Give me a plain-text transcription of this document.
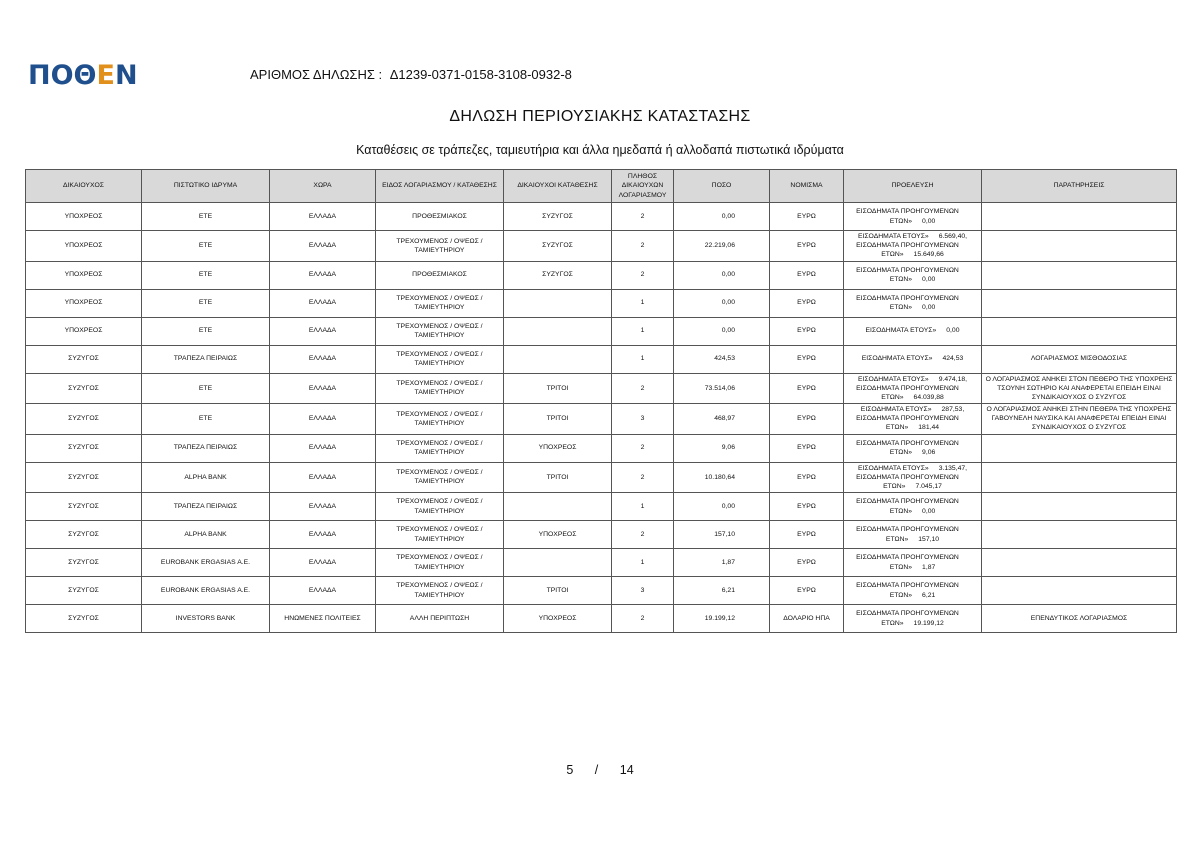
ΠΟΘΕΝ	ΑΡΙΘΜΟΣ ΔΗΛΩΣΗΣ : Δ1239-0371-0158-3108-0932-8
ΔΗΛΩΣΗ ΠΕΡΙΟΥΣΙΑΚΗΣ ΚΑΤΑΣΤΑΣΗΣ
Καταθέσεις σε τράπεζες, ταμιευτήρια και άλλα ημεδαπά ή αλλοδαπά πιστωτικά ιδρύματα
ΔΙΚΑΙΟΥΧΟΣ	ΠΙΣΤΩΤΙΚΟ ΙΔΡΥΜΑ	ΧΩΡΑ	ΕΙΔΟΣ ΛΟΓΑΡΙΑΣΜΟΥ / ΚΑΤΑΘΕΣΗΣ	ΔΙΚΑΙΟΥΧΟΙ ΚΑΤΑΘΕΣΗΣ	ΠΛΗΘΟΣ ΔΙΚΑΙΟΥΧΩΝ ΛΟΓΑΡΙΑΣΜΟΥ	ΠΟΣΟ	ΝΟΜΙΣΜΑ	ΠΡΟΕΛΕΥΣΗ	ΠΑΡΑΤΗΡΗΣΕΙΣ
ΥΠΟΧΡΕΟΣ	ΕΤΕ	ΕΛΛΑΔΑ	ΠΡΟΘΕΣΜΙΑΚΟΣ	ΣΥΖΥΓΟΣ	2	0,00	ΕΥΡΩ	ΕΙΣΟΔΗΜΑΤΑ ΠΡΟΗΓΟΥΜΕΝΩΝ
ΕΤΩΝ» 0,00	

ΥΠΟΧΡΕΟΣ	ΕΤΕ	ΕΛΛΑΔΑ	ΤΡΕΧΟΥΜΕΝΟΣ / ΟΨΕΩΣ / ΤΑΜΙΕΥΤΗΡΙΟΥ	ΣΥΖΥΓΟΣ	2	22.219,06	ΕΥΡΩ	ΕΙΣΟΔΗΜΑΤΑ ΕΤΟΥΣ» 6.569,40,
ΕΙΣΟΔΗΜΑΤΑ ΠΡΟΗΓΟΥΜΕΝΩΝ
ΕΤΩΝ» 15.649,66	

ΥΠΟΧΡΕΟΣ	ΕΤΕ	ΕΛΛΑΔΑ	ΠΡΟΘΕΣΜΙΑΚΟΣ	ΣΥΖΥΓΟΣ	2	0,00	ΕΥΡΩ	ΕΙΣΟΔΗΜΑΤΑ ΠΡΟΗΓΟΥΜΕΝΩΝ
ΕΤΩΝ» 0,00	

ΥΠΟΧΡΕΟΣ	ΕΤΕ	ΕΛΛΑΔΑ	ΤΡΕΧΟΥΜΕΝΟΣ / ΟΨΕΩΣ / ΤΑΜΙΕΥΤΗΡΙΟΥ		1	0,00	ΕΥΡΩ	ΕΙΣΟΔΗΜΑΤΑ ΠΡΟΗΓΟΥΜΕΝΩΝ
ΕΤΩΝ» 0,00	

ΥΠΟΧΡΕΟΣ	ΕΤΕ	ΕΛΛΑΔΑ	ΤΡΕΧΟΥΜΕΝΟΣ / ΟΨΕΩΣ / ΤΑΜΙΕΥΤΗΡΙΟΥ		1	0,00	ΕΥΡΩ	ΕΙΣΟΔΗΜΑΤΑ ΕΤΟΥΣ» 0,00	

ΣΥΖΥΓΟΣ	ΤΡΑΠΕΖΑ ΠΕΙΡΑΙΩΣ	ΕΛΛΑΔΑ	ΤΡΕΧΟΥΜΕΝΟΣ / ΟΨΕΩΣ / ΤΑΜΙΕΥΤΗΡΙΟΥ		1	424,53	ΕΥΡΩ	ΕΙΣΟΔΗΜΑΤΑ ΕΤΟΥΣ» 424,53	ΛΟΓΑΡΙΑΣΜΟΣ ΜΙΣΘΟΔΟΣΙΑΣ
ΣΥΖΥΓΟΣ	ΕΤΕ	ΕΛΛΑΔΑ	ΤΡΕΧΟΥΜΕΝΟΣ / ΟΨΕΩΣ / ΤΑΜΙΕΥΤΗΡΙΟΥ	ΤΡΙΤΟΙ	2	73.514,06	ΕΥΡΩ	ΕΙΣΟΔΗΜΑΤΑ ΕΤΟΥΣ» 9.474,18,
ΕΙΣΟΔΗΜΑΤΑ ΠΡΟΗΓΟΥΜΕΝΩΝ
ΕΤΩΝ» 64.039,88	Ο ΛΟΓΑΡΙΑΣΜΟΣ ΑΝΗΚΕΙ ΣΤΟΝ ΠΕΘΕΡΟ ΤΗΣ ΥΠΟΧΡΕΗΣ ΤΣΟΥΝΗ ΣΩΤΗΡΙΟ ΚΑΙ ΑΝΑΦΕΡΕΤΑΙ ΕΠΕΙΔΗ ΕΙΝΑΙ ΣΥΝΔΙΚΑΙΟΥΧΟΣ Ο ΣΥΖΥΓΟΣ
ΣΥΖΥΓΟΣ	ΕΤΕ	ΕΛΛΑΔΑ	ΤΡΕΧΟΥΜΕΝΟΣ / ΟΨΕΩΣ / ΤΑΜΙΕΥΤΗΡΙΟΥ	ΤΡΙΤΟΙ	3	468,97	ΕΥΡΩ	ΕΙΣΟΔΗΜΑΤΑ ΕΤΟΥΣ» 287,53,
ΕΙΣΟΔΗΜΑΤΑ ΠΡΟΗΓΟΥΜΕΝΩΝ
ΕΤΩΝ» 181,44	Ο ΛΟΓΑΡΙΑΣΜΟΣ ΑΝΗΚΕΙ ΣΤΗΝ ΠΕΘΕΡΑ ΤΗΣ ΥΠΟΧΡΕΗΣ ΓΑΒΟΥΝΕΛΗ ΝΑΥΣΙΚΑ ΚΑΙ ΑΝΑΦΕΡΕΤΑΙ ΕΠΕΙΔΗ ΕΙΝΑΙ ΣΥΝΔΙΚΑΙΟΥΧΟΣ Ο ΣΥΖΥΓΟΣ
ΣΥΖΥΓΟΣ	ΤΡΑΠΕΖΑ ΠΕΙΡΑΙΩΣ	ΕΛΛΑΔΑ	ΤΡΕΧΟΥΜΕΝΟΣ / ΟΨΕΩΣ / ΤΑΜΙΕΥΤΗΡΙΟΥ	ΥΠΟΧΡΕΟΣ	2	9,06	ΕΥΡΩ	ΕΙΣΟΔΗΜΑΤΑ ΠΡΟΗΓΟΥΜΕΝΩΝ
ΕΤΩΝ» 9,06	

ΣΥΖΥΓΟΣ	ALPHA BANK	ΕΛΛΑΔΑ	ΤΡΕΧΟΥΜΕΝΟΣ / ΟΨΕΩΣ / ΤΑΜΙΕΥΤΗΡΙΟΥ	ΤΡΙΤΟΙ	2	10.180,64	ΕΥΡΩ	ΕΙΣΟΔΗΜΑΤΑ ΕΤΟΥΣ» 3.135,47,
ΕΙΣΟΔΗΜΑΤΑ ΠΡΟΗΓΟΥΜΕΝΩΝ
ΕΤΩΝ» 7.045,17	

ΣΥΖΥΓΟΣ	ΤΡΑΠΕΖΑ ΠΕΙΡΑΙΩΣ	ΕΛΛΑΔΑ	ΤΡΕΧΟΥΜΕΝΟΣ / ΟΨΕΩΣ / ΤΑΜΙΕΥΤΗΡΙΟΥ		1	0,00	ΕΥΡΩ	ΕΙΣΟΔΗΜΑΤΑ ΠΡΟΗΓΟΥΜΕΝΩΝ
ΕΤΩΝ» 0,00	

ΣΥΖΥΓΟΣ	ALPHA BANK	ΕΛΛΑΔΑ	ΤΡΕΧΟΥΜΕΝΟΣ / ΟΨΕΩΣ / ΤΑΜΙΕΥΤΗΡΙΟΥ	ΥΠΟΧΡΕΟΣ	2	157,10	ΕΥΡΩ	ΕΙΣΟΔΗΜΑΤΑ ΠΡΟΗΓΟΥΜΕΝΩΝ
ΕΤΩΝ» 157,10	

ΣΥΖΥΓΟΣ	EUROBANK ERGASIAS A.E.	ΕΛΛΑΔΑ	ΤΡΕΧΟΥΜΕΝΟΣ / ΟΨΕΩΣ / ΤΑΜΙΕΥΤΗΡΙΟΥ		1	1,87	ΕΥΡΩ	ΕΙΣΟΔΗΜΑΤΑ ΠΡΟΗΓΟΥΜΕΝΩΝ
ΕΤΩΝ» 1,87	

ΣΥΖΥΓΟΣ	EUROBANK ERGASIAS A.E.	ΕΛΛΑΔΑ	ΤΡΕΧΟΥΜΕΝΟΣ / ΟΨΕΩΣ / ΤΑΜΙΕΥΤΗΡΙΟΥ	ΤΡΙΤΟΙ	3	6,21	ΕΥΡΩ	ΕΙΣΟΔΗΜΑΤΑ ΠΡΟΗΓΟΥΜΕΝΩΝ
ΕΤΩΝ» 6,21	

ΣΥΖΥΓΟΣ	INVESTORS BANK	ΗΝΩΜΕΝΕΣ ΠΟΛΙΤΕΙΕΣ	ΑΛΛΗ ΠΕΡΙΠΤΩΣΗ	ΥΠΟΧΡΕΟΣ	2	19.199,12	ΔΟΛΑΡΙΟ ΗΠΑ	ΕΙΣΟΔΗΜΑΤΑ ΠΡΟΗΓΟΥΜΕΝΩΝ
ΕΤΩΝ» 19.199,12	ΕΠΕΝΔΥΤΙΚΟΣ ΛΟΓΑΡΙΑΣΜΟΣ
5 / 14
